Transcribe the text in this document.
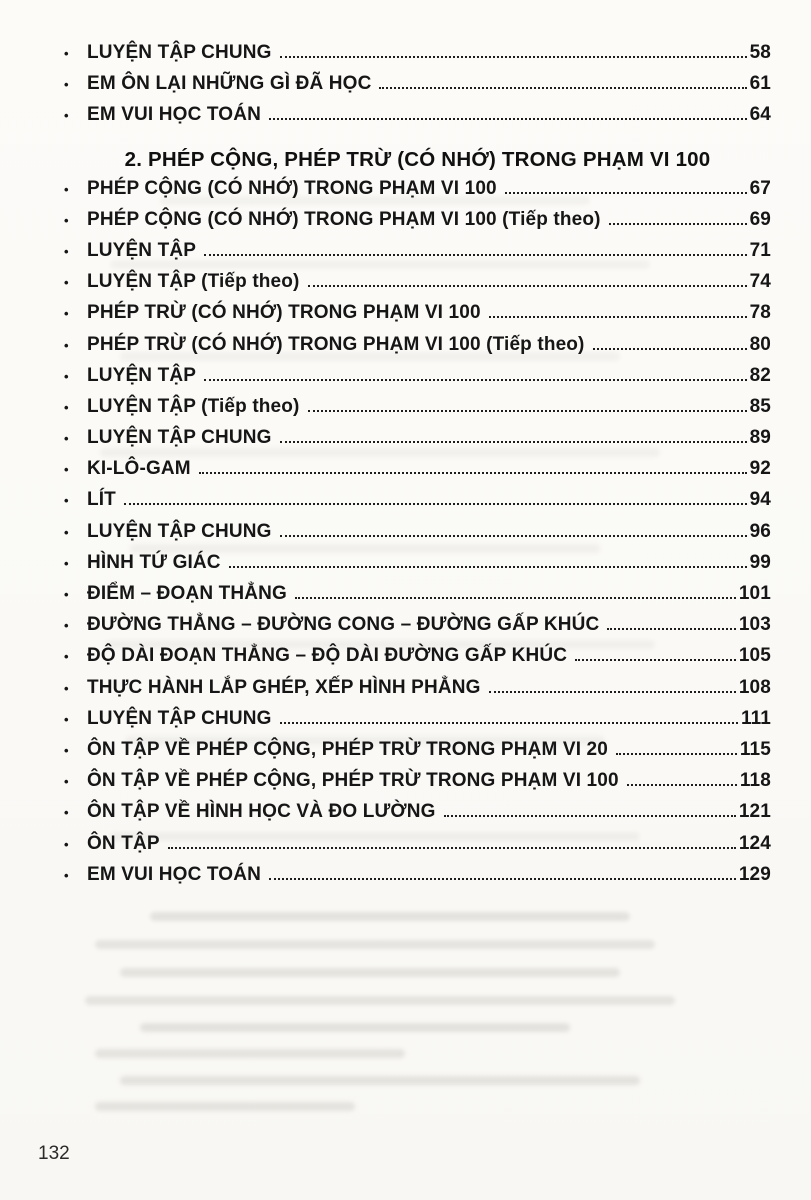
• LUYỆN TẬP CHUNG	58
• EM ÔN LẠI NHỮNG GÌ ĐÃ HỌC	61
• EM VUI HỌC TOÁN	64
2. PHÉP CỘNG, PHÉP TRỪ (CÓ NHỚ) TRONG PHẠM VI 100
• PHÉP CỘNG (CÓ NHỚ) TRONG PHẠM VI 100	67
• PHÉP CỘNG (CÓ NHỚ) TRONG PHẠM VI 100 (Tiếp theo)	69
• LUYỆN TẬP	71
• LUYỆN TẬP (Tiếp theo)	74
• PHÉP TRỪ (CÓ NHỚ) TRONG PHẠM VI 100	78
• PHÉP TRỪ (CÓ NHỚ) TRONG PHẠM VI 100 (Tiếp theo)	80
• LUYỆN TẬP	82
• LUYỆN TẬP (Tiếp theo)	85
• LUYỆN TẬP CHUNG	89
• KI-LÔ-GAM	92
• LÍT	94
• LUYỆN TẬP CHUNG	96
• HÌNH TỨ GIÁC	99
• ĐIỂM – ĐOẠN THẲNG	101
• ĐƯỜNG THẲNG – ĐƯỜNG CONG – ĐƯỜNG GẤP KHÚC	103
• ĐỘ DÀI ĐOẠN THẲNG – ĐỘ DÀI ĐƯỜNG GẤP KHÚC	105
• THỰC HÀNH LẮP GHÉP, XẾP HÌNH PHẲNG	108
• LUYỆN TẬP CHUNG	111
• ÔN TẬP VỀ PHÉP CỘNG, PHÉP TRỪ TRONG PHẠM VI 20	115
• ÔN TẬP VỀ PHÉP CỘNG, PHÉP TRỪ TRONG PHẠM VI 100	118
• ÔN TẬP VỀ HÌNH HỌC VÀ ĐO LƯỜNG	121
• ÔN TẬP	124
• EM VUI HỌC TOÁN	129
132
